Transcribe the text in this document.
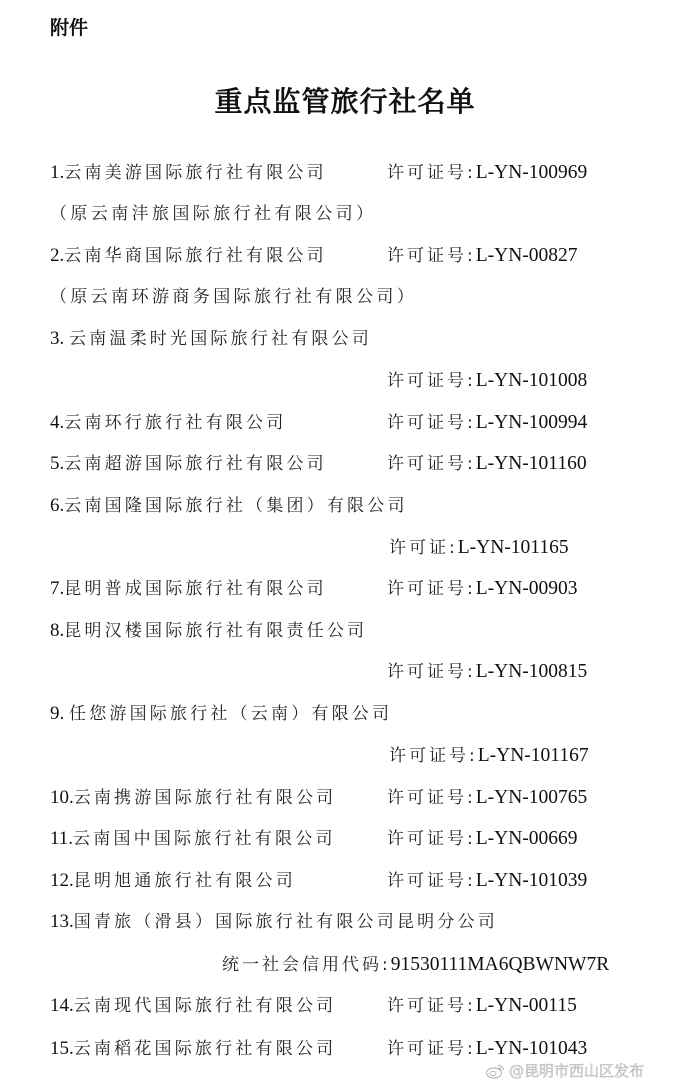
附件
重点监管旅行社名单
1.云南美游国际旅行社有限公司	许可证号:L-YN-100969
（原云南沣旅国际旅行社有限公司）
2.云南华商国际旅行社有限公司	许可证号:L-YN-00827
（原云南环游商务国际旅行社有限公司）
3. 云南温柔时光国际旅行社有限公司
许可证号:L-YN-101008
4.云南环行旅行社有限公司	许可证号:L-YN-100994
5.云南超游国际旅行社有限公司	许可证号:L-YN-101160
6.云南国隆国际旅行社（集团）有限公司
许可证:L-YN-101165
7.昆明普成国际旅行社有限公司	许可证号:L-YN-00903
8.昆明汉楼国际旅行社有限责任公司
许可证号:L-YN-100815
9. 任您游国际旅行社（云南）有限公司
许可证号:L-YN-101167
10.云南携游国际旅行社有限公司	许可证号:L-YN-100765
11.云南国中国际旅行社有限公司	许可证号:L-YN-00669
12.昆明旭通旅行社有限公司	许可证号:L-YN-101039
13.国青旅（滑县）国际旅行社有限公司昆明分公司
统一社会信用代码:91530111MA6QBWNW7R
14.云南现代国际旅行社有限公司	许可证号:L-YN-00115
15.云南稻花国际旅行社有限公司	许可证号:L-YN-101043
@昆明市西山区发布
